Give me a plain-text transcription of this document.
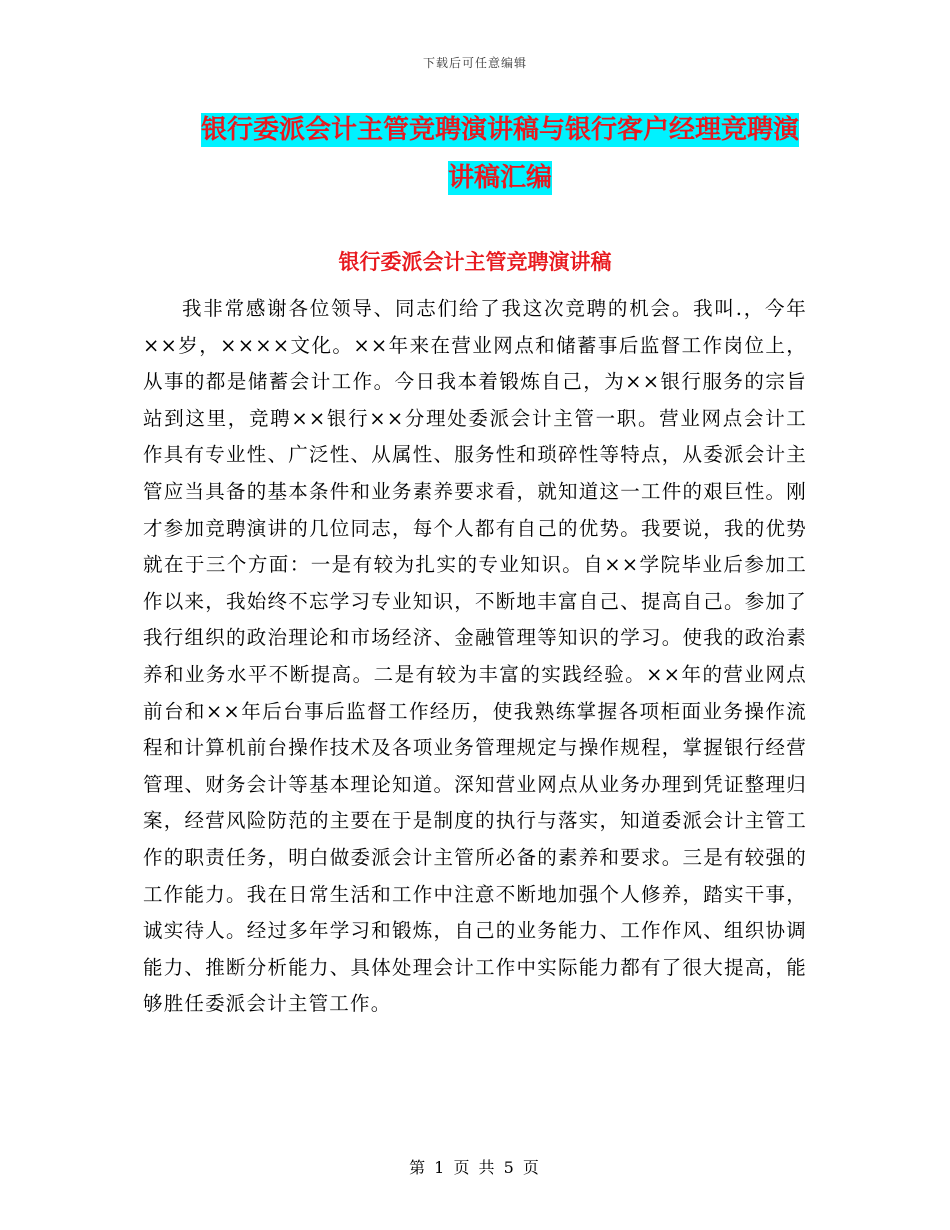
下载后可任意编辑
银行委派会计主管竞聘演讲稿与银行客户经理竞聘演
讲稿汇编
银行委派会计主管竞聘演讲稿

我非常感谢各位领导、同志们给了我这次竞聘的机会。我叫.，今年××岁，××××文化。××年来在营业网点和储蓄事后监督工作岗位上，从事的都是储蓄会计工作。今日我本着锻炼自己，为××银行服务的宗旨站到这里，竞聘××银行××分理处委派会计主管一职。营业网点会计工作具有专业性、广泛性、从属性、服务性和琐碎性等特点，从委派会计主管应当具备的基本条件和业务素养要求看，就知道这一工件的艰巨性。刚才参加竞聘演讲的几位同志，每个人都有自己的优势。我要说，我的优势就在于三个方面：一是有较为扎实的专业知识。自××学院毕业后参加工作以来，我始终不忘学习专业知识，不断地丰富自己、提高自己。参加了我行组织的政治理论和市场经济、金融管理等知识的学习。使我的政治素养和业务水平不断提高。二是有较为丰富的实践经验。××年的营业网点前台和××年后台事后监督工作经历，使我熟练掌握各项柜面业务操作流程和计算机前台操作技术及各项业务管理规定与操作规程，掌握银行经营管理、财务会计等基本理论知道。深知营业网点从业务办理到凭证整理归案，经营风险防范的主要在于是制度的执行与落实，知道委派会计主管工作的职责任务，明白做委派会计主管所必备的素养和要求。三是有较强的工作能力。我在日常生活和工作中注意不断地加强个人修养，踏实干事，诚实待人。经过多年学习和锻炼，自己的业务能力、工作作风、组织协调能力、推断分析能力、具体处理会计工作中实际能力都有了很大提高，能够胜任委派会计主管工作。

第 1 页 共 5 页
